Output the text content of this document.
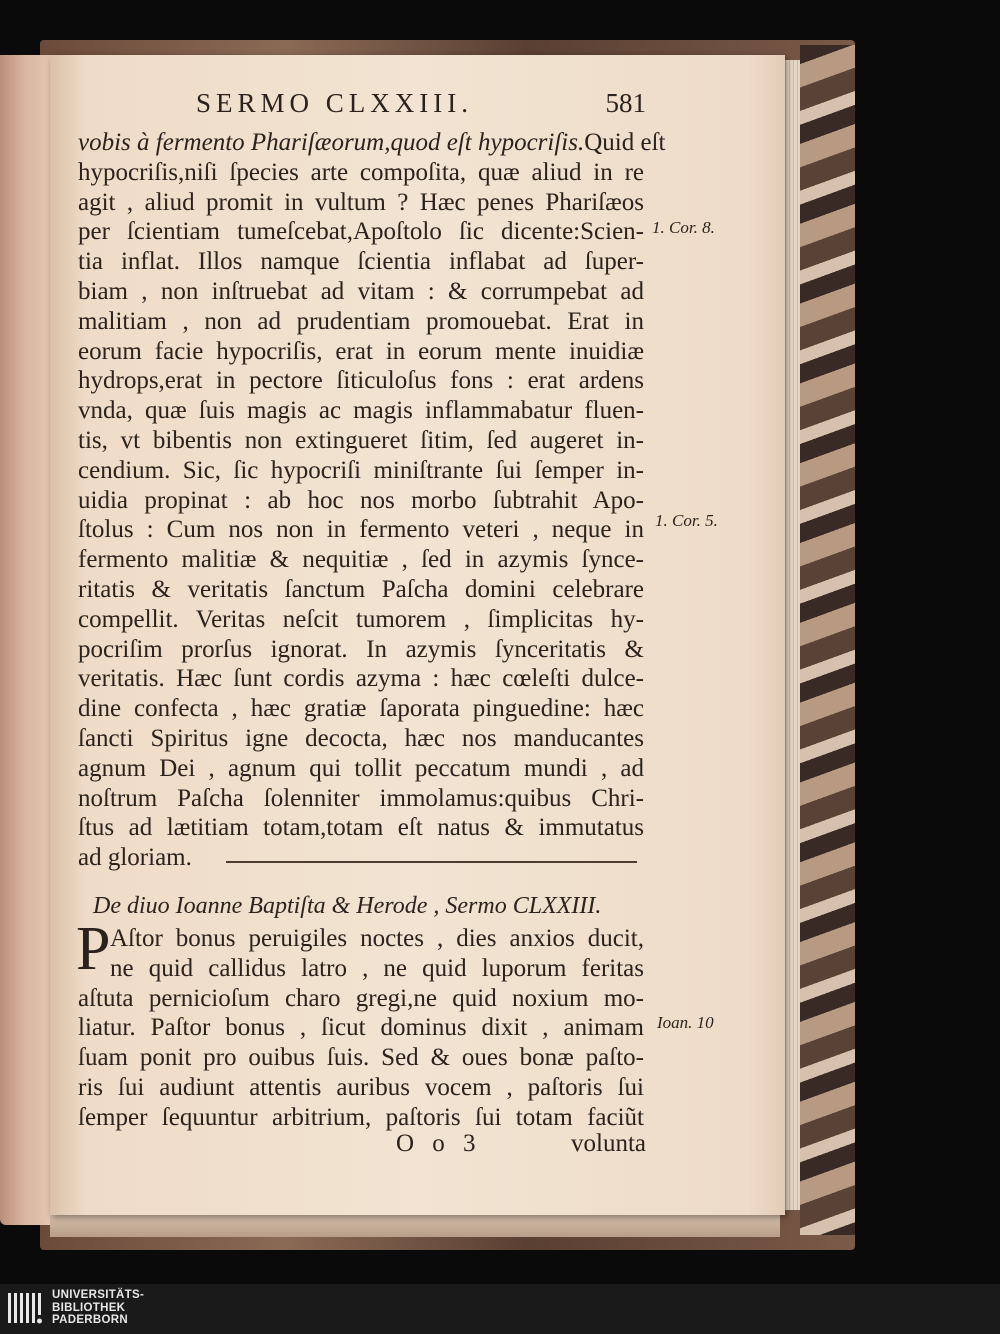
SERMO CLXXIII.	581
vobis à fermento Phariſæorum,quod eſt hypocriſis.Quid eſt
hypocriſis,niſi ſpecies arte compoſita, quæ aliud in re
agit , aliud promit in vultum ? Hæc penes Phariſæos
per ſcientiam tumeſcebat,Apoſtolo ſic dicente:Scien-
tia inflat. Illos namque ſcientia inflabat ad ſuper-
biam , non inſtruebat ad vitam : & corrumpebat ad
malitiam , non ad prudentiam promouebat. Erat in
eorum facie hypocriſis, erat in eorum mente inuidiæ
hydrops,erat in pectore ſiticuloſus fons : erat ardens
vnda, quæ ſuis magis ac magis inflammabatur fluen-
tis, vt bibentis non extingueret ſitim, ſed augeret in-
cendium. Sic, ſic hypocriſi miniſtrante ſui ſemper in-
uidia propinat : ab hoc nos morbo ſubtrahit Apo-
ſtolus : Cum nos non in fermento veteri , neque in
fermento malitiæ & nequitiæ , ſed in azymis ſynce-
ritatis & veritatis ſanctum Paſcha domini celebrare
compellit. Veritas neſcit tumorem , ſimplicitas hy-
pocriſim prorſus ignorat. In azymis ſynceritatis &
veritatis. Hæc ſunt cordis azyma : hæc cœleſti dulce-
dine confecta , hæc gratiæ ſaporata pinguedine: hæc
ſancti Spiritus igne decocta, hæc nos manducantes
agnum Dei , agnum qui tollit peccatum mundi , ad
noſtrum Paſcha ſolenniter immolamus:quibus Chri-
ſtus ad lætitiam totam,totam eſt natus & immutatus
ad gloriam.
De diuo Ioanne Baptiſta & Herode , Sermo CLXXIII.
P Aſtor bonus peruigiles noctes , dies anxios ducit,
ne quid callidus latro , ne quid luporum feritas
aſtuta pernicioſum charo gregi,ne quid noxium mo-
liatur. Paſtor bonus , ſicut dominus dixit , animam
ſuam ponit pro ouibus ſuis. Sed & oues bonæ paſto-
ris ſui audiunt attentis auribus vocem , paſtoris ſui
ſemper ſequuntur arbitrium, paſtoris ſui totam faciũt
O o 3	volunta
1. Cor. 8.
1. Cor. 5.
Ioan. 10
UNIVERSITÄTS-
BIBLIOTHEK
PADERBORN
